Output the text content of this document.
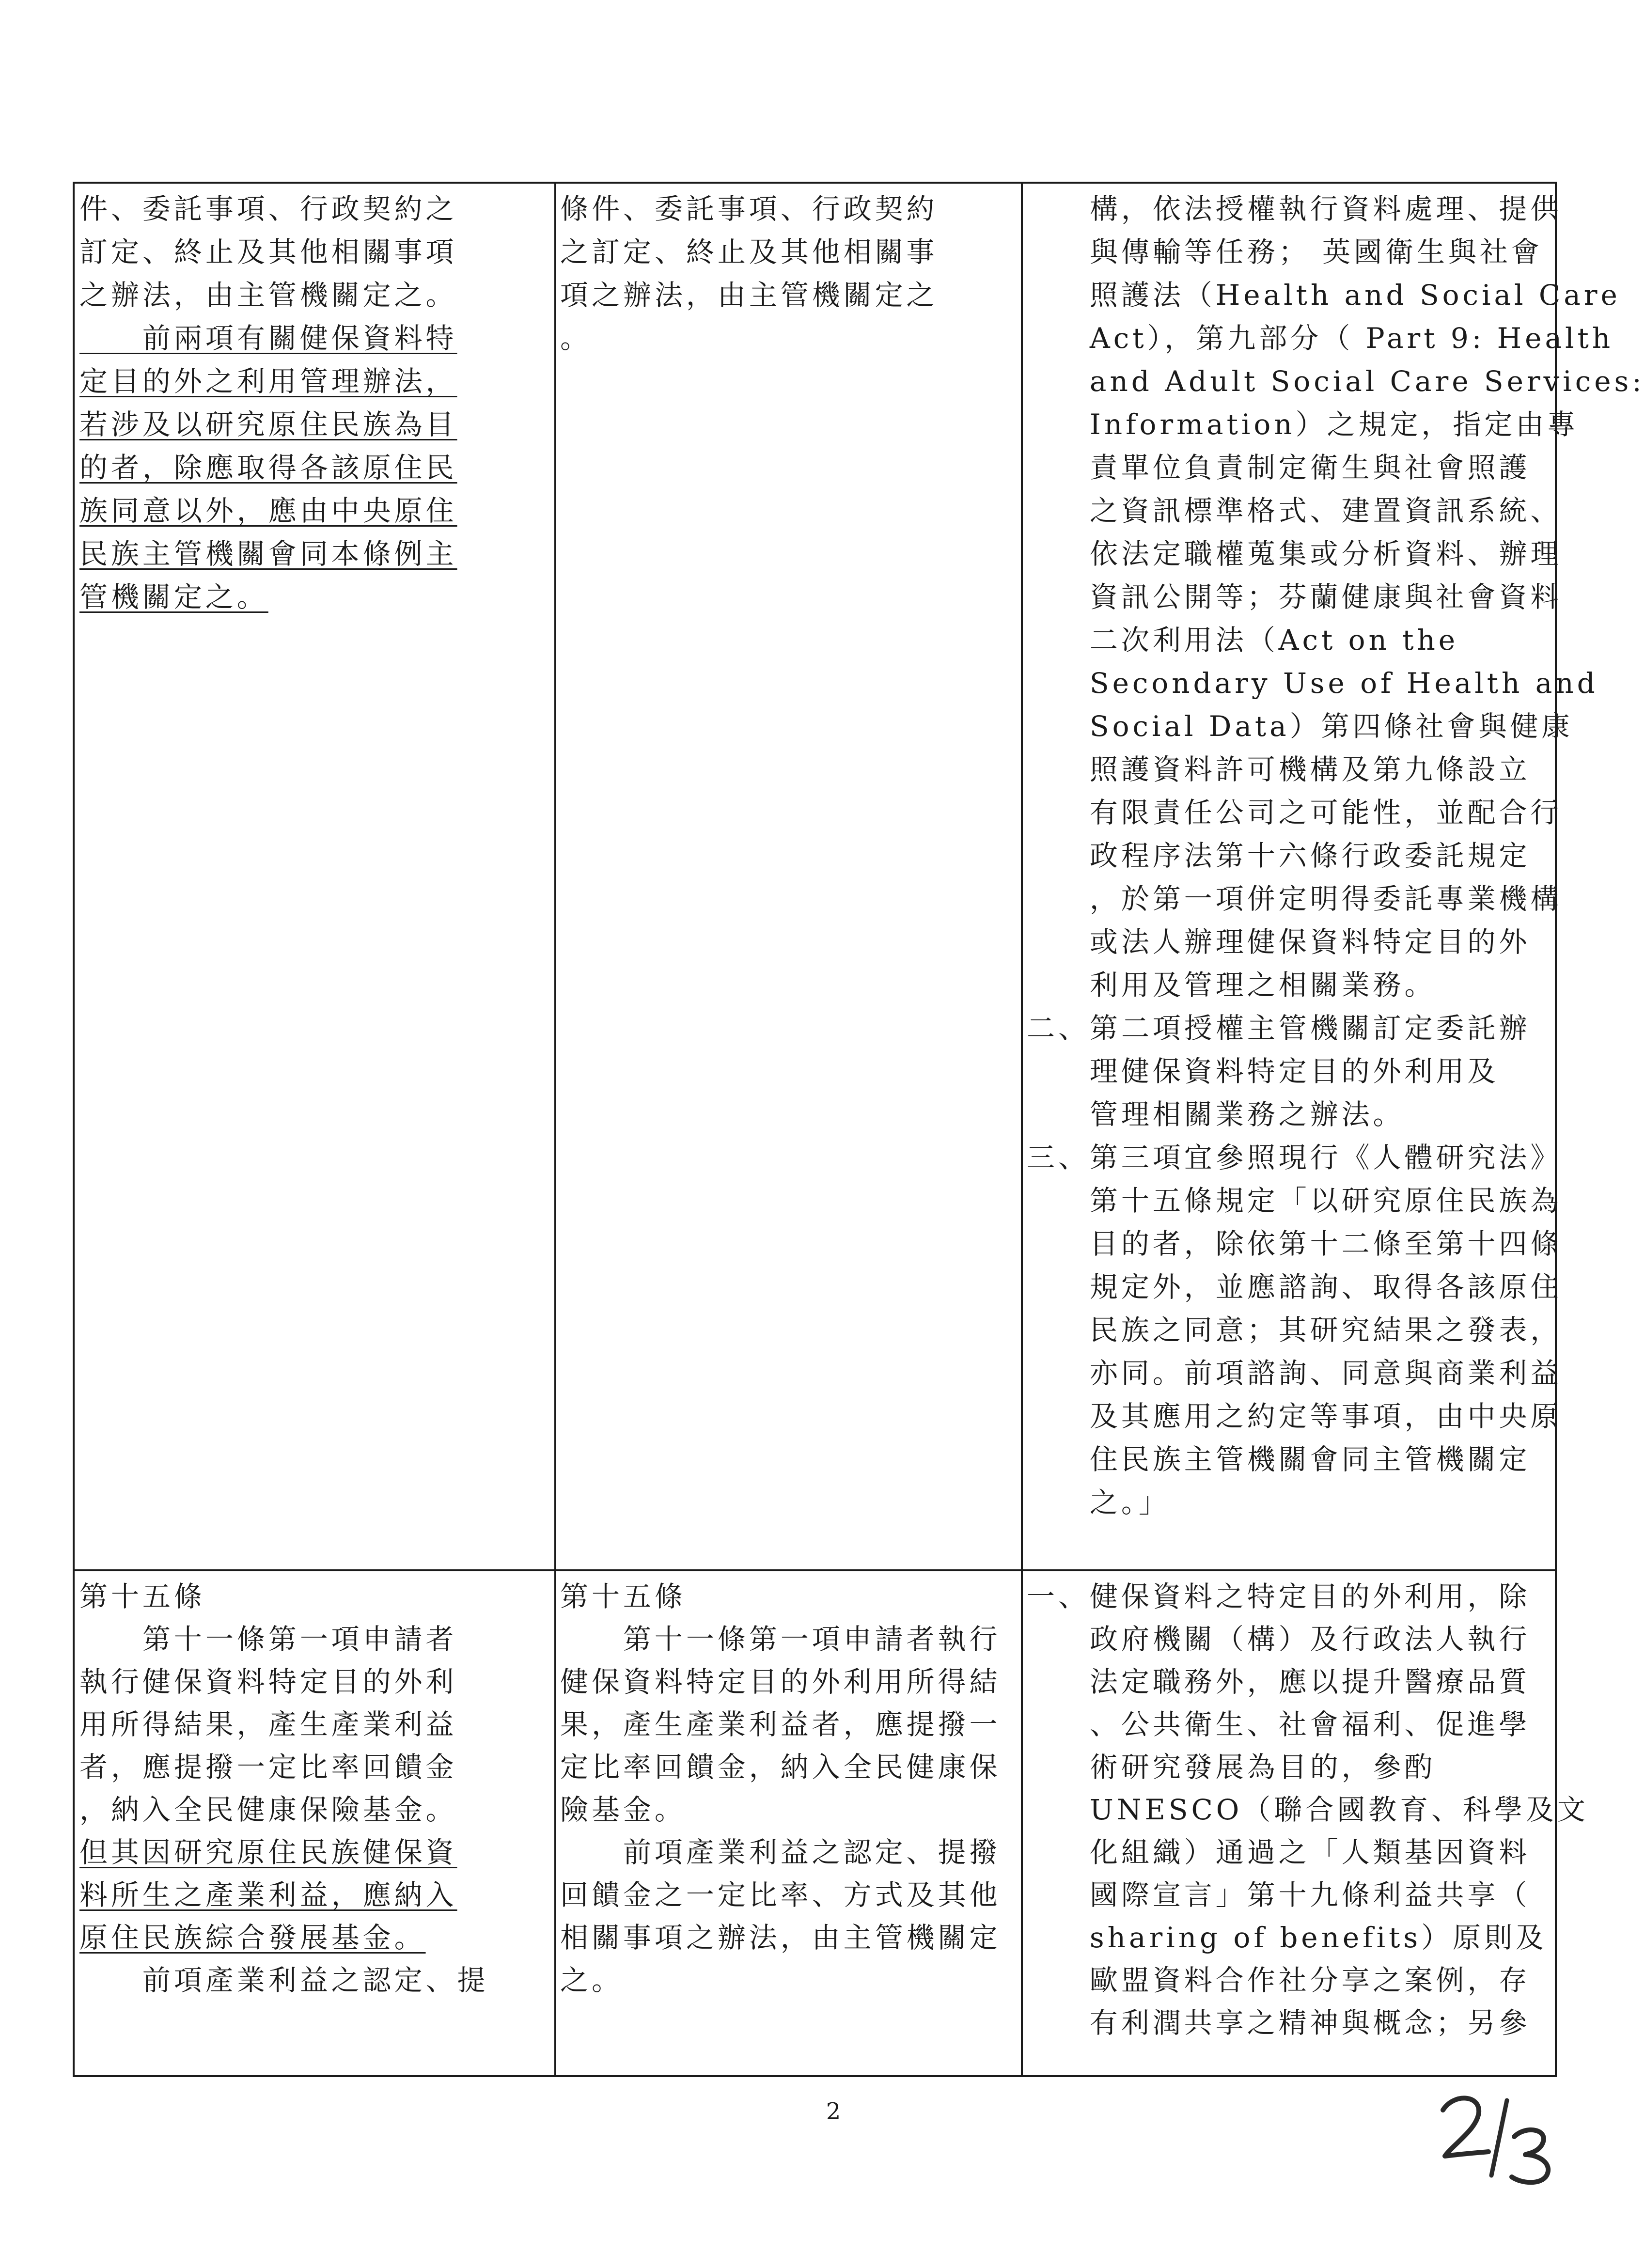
件、委託事項、行政契約之
訂定、終止及其他相關事項
之辦法，由主管機關定之。
　　前兩項有關健保資料特
定目的外之利用管理辦法，
若涉及以研究原住民族為目
的者，除應取得各該原住民
族同意以外，應由中央原住
民族主管機關會同本條例主
管機關定之。
條件、委託事項、行政契約
之訂定、終止及其他相關事
項之辦法，由主管機關定之
。
　　構，依法授權執行資料處理、提供
　　與傳輸等任務； 英國衛生與社會
　　照護法（Health and Social Care
　　Act），第九部分（ Part 9: Health
　　and Adult Social Care Services:
　　Information）之規定，指定由專
　　責單位負責制定衛生與社會照護
　　之資訊標準格式、建置資訊系統、
　　依法定職權蒐集或分析資料、辦理
　　資訊公開等；芬蘭健康與社會資料
　　二次利用法（Act on the
　　Secondary Use of Health and
　　Social Data）第四條社會與健康
　　照護資料許可機構及第九條設立
　　有限責任公司之可能性，並配合行
　　政程序法第十六條行政委託規定
　　，於第一項併定明得委託專業機構
　　或法人辦理健保資料特定目的外
　　利用及管理之相關業務。
二、第二項授權主管機關訂定委託辦
　　理健保資料特定目的外利用及
　　管理相關業務之辦法。
三、第三項宜參照現行《人體研究法》
　　第十五條規定「以研究原住民族為
　　目的者，除依第十二條至第十四條
　　規定外，並應諮詢、取得各該原住
　　民族之同意；其研究結果之發表，
　　亦同。前項諮詢、同意與商業利益
　　及其應用之約定等事項，由中央原
　　住民族主管機關會同主管機關定
　　之。」
第十五條
　　第十一條第一項申請者
執行健保資料特定目的外利
用所得結果，產生產業利益
者，應提撥一定比率回饋金
，納入全民健康保險基金。
但其因研究原住民族健保資
料所生之產業利益，應納入
原住民族綜合發展基金。
　　前項產業利益之認定、提
第十五條
　　第十一條第一項申請者執行
健保資料特定目的外利用所得結
果，產生產業利益者，應提撥一
定比率回饋金，納入全民健康保
險基金。
　　前項產業利益之認定、提撥
回饋金之一定比率、方式及其他
相關事項之辦法，由主管機關定
之。
一、健保資料之特定目的外利用，除
　　政府機關（構）及行政法人執行
　　法定職務外，應以提升醫療品質
　　、公共衛生、社會福利、促進學
　　術研究發展為目的，參酌
　　UNESCO（聯合國教育、科學及文
　　化組織）通過之「人類基因資料
　　國際宣言」第十九條利益共享（
　　sharing of benefits）原則及
　　歐盟資料合作社分享之案例，存
　　有利潤共享之精神與概念；另參
2
